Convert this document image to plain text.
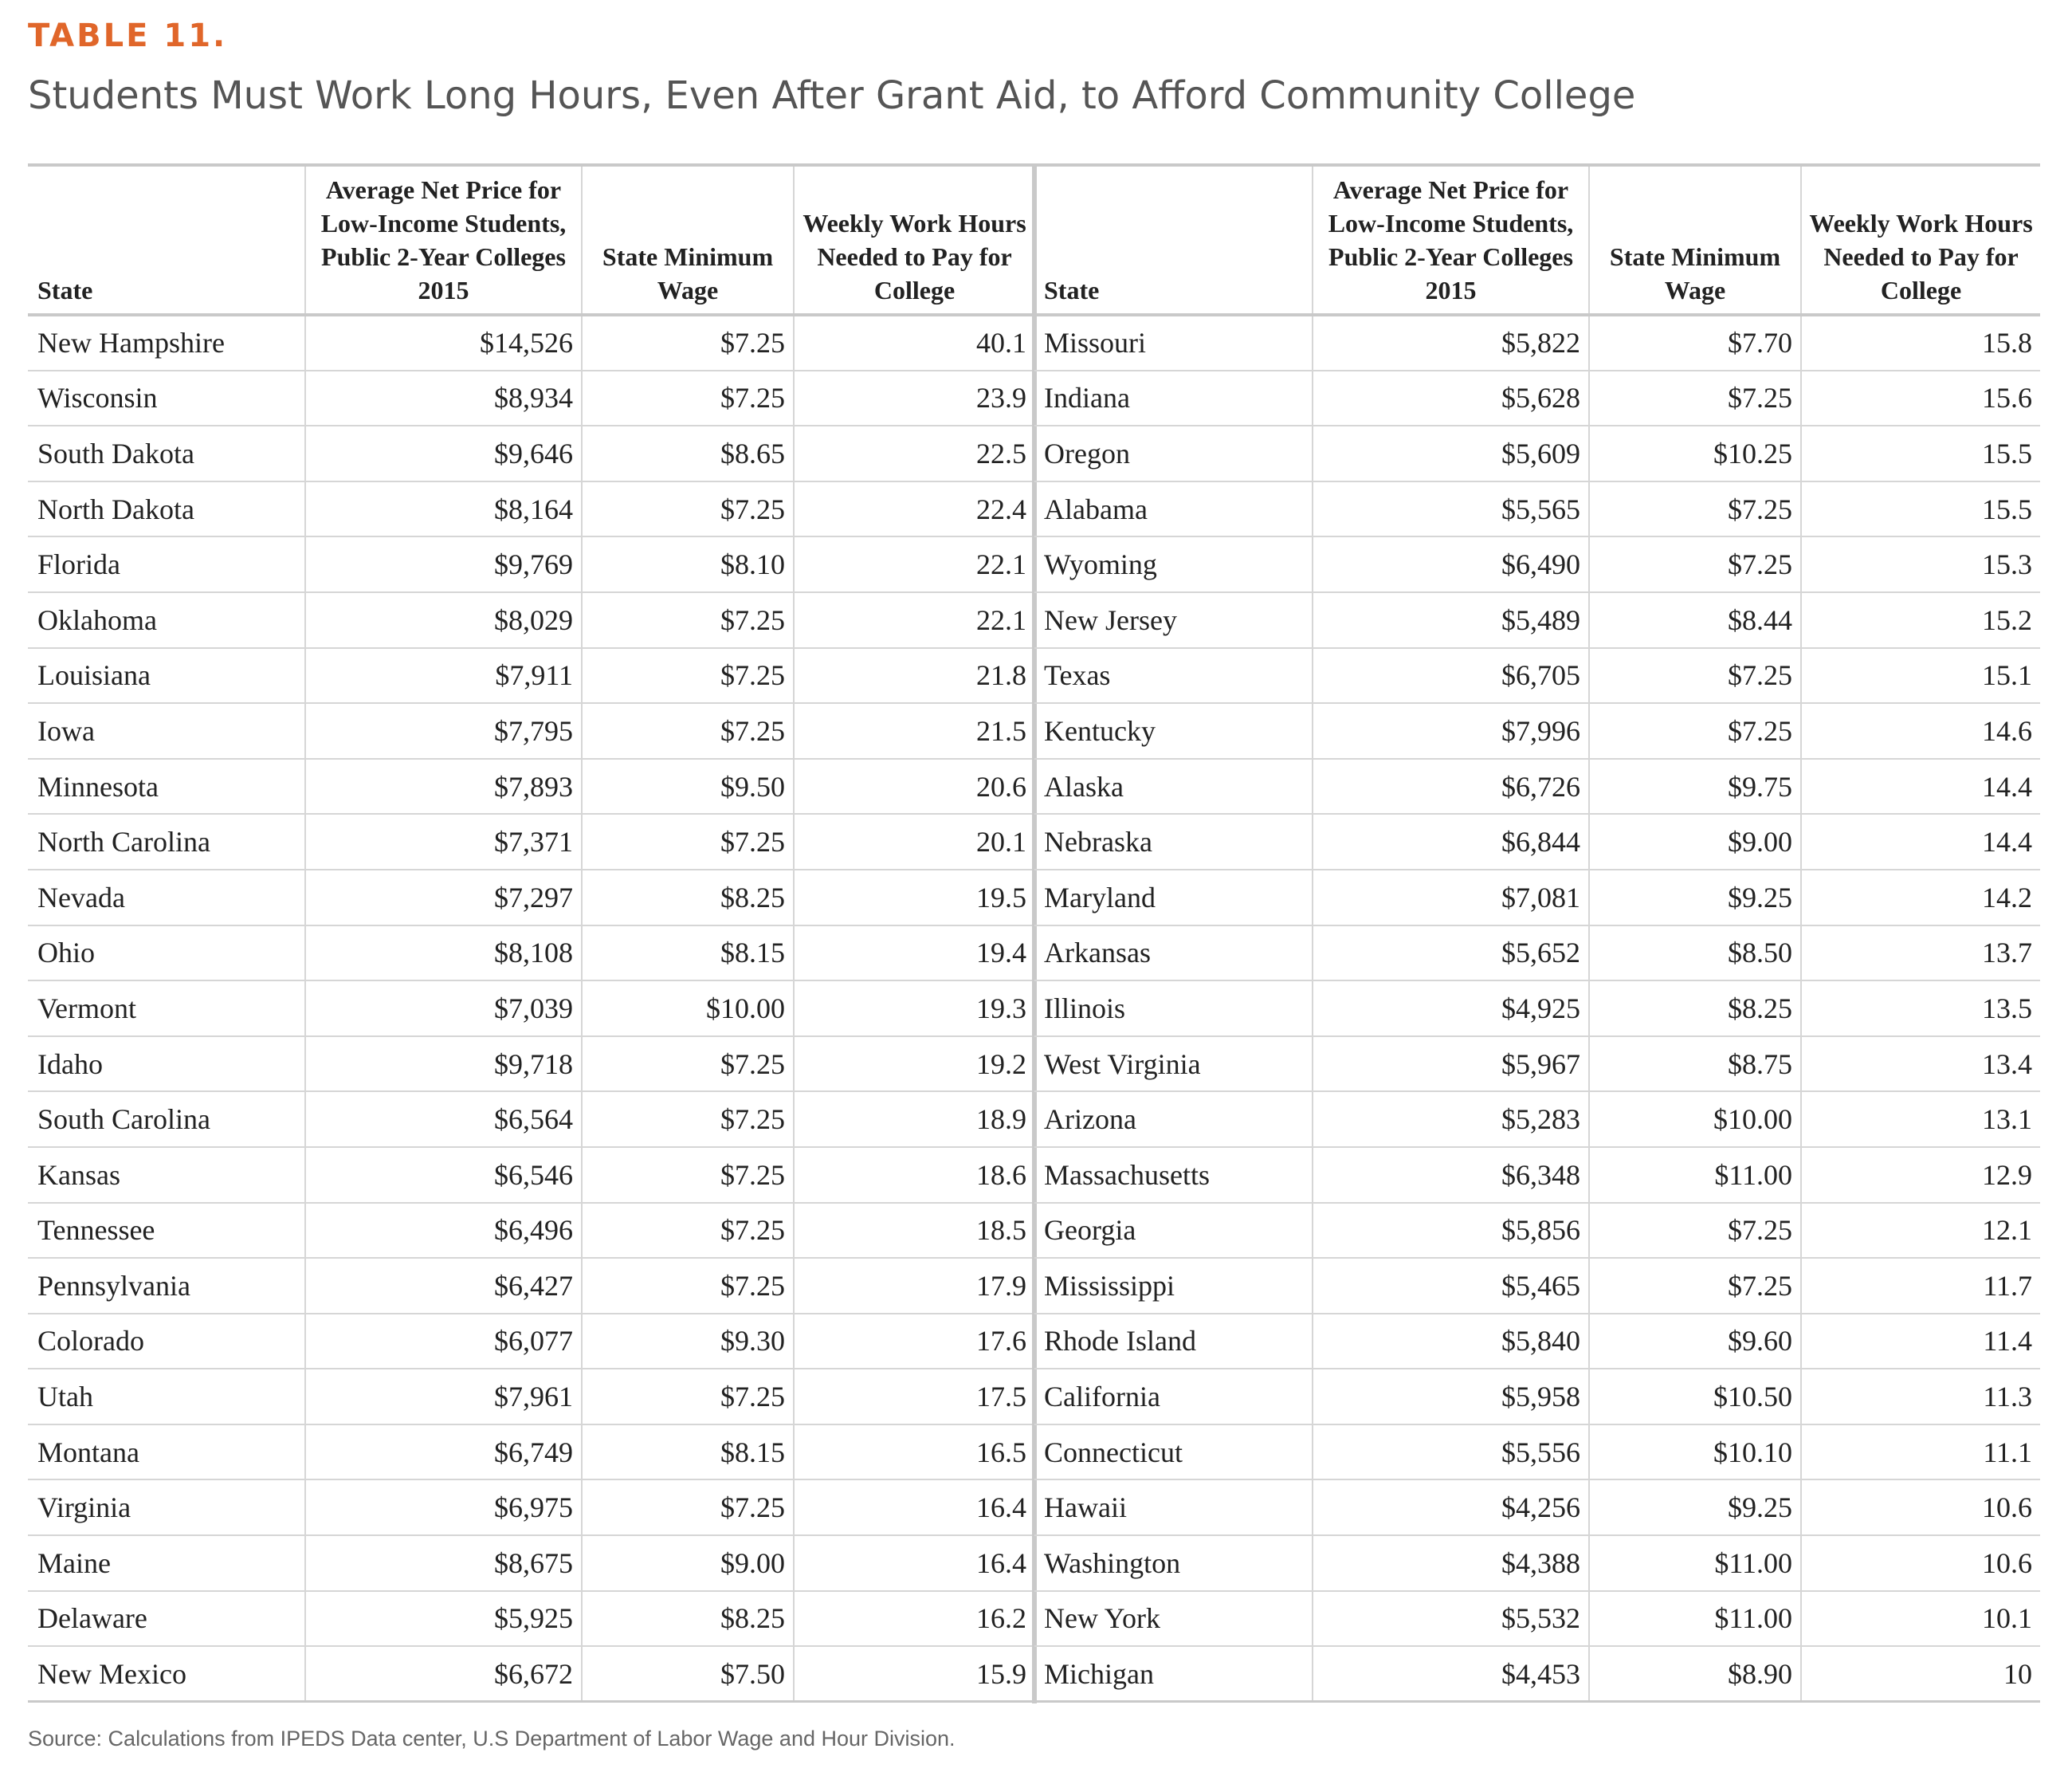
TABLE 11.
Students Must Work Long Hours, Even After Grant Aid, to Afford Community College
State	Average Net Price for Low-Income Students, Public 2-Year Colleges 2015	State Minimum Wage	Weekly Work Hours Needed to Pay for College
New Hampshire	$14,526	$7.25	40.1
Wisconsin	$8,934	$7.25	23.9
South Dakota	$9,646	$8.65	22.5
North Dakota	$8,164	$7.25	22.4
Florida	$9,769	$8.10	22.1
Oklahoma	$8,029	$7.25	22.1
Louisiana	$7,911	$7.25	21.8
Iowa	$7,795	$7.25	21.5
Minnesota	$7,893	$9.50	20.6
North Carolina	$7,371	$7.25	20.1
Nevada	$7,297	$8.25	19.5
Ohio	$8,108	$8.15	19.4
Vermont	$7,039	$10.00	19.3
Idaho	$9,718	$7.25	19.2
South Carolina	$6,564	$7.25	18.9
Kansas	$6,546	$7.25	18.6
Tennessee	$6,496	$7.25	18.5
Pennsylvania	$6,427	$7.25	17.9
Colorado	$6,077	$9.30	17.6
Utah	$7,961	$7.25	17.5
Montana	$6,749	$8.15	16.5
Virginia	$6,975	$7.25	16.4
Maine	$8,675	$9.00	16.4
Delaware	$5,925	$8.25	16.2
New Mexico	$6,672	$7.50	15.9
State	Average Net Price for Low-Income Students, Public 2-Year Colleges 2015	State Minimum Wage	Weekly Work Hours Needed to Pay for College
Missouri	$5,822	$7.70	15.8
Indiana	$5,628	$7.25	15.6
Oregon	$5,609	$10.25	15.5
Alabama	$5,565	$7.25	15.5
Wyoming	$6,490	$7.25	15.3
New Jersey	$5,489	$8.44	15.2
Texas	$6,705	$7.25	15.1
Kentucky	$7,996	$7.25	14.6
Alaska	$6,726	$9.75	14.4
Nebraska	$6,844	$9.00	14.4
Maryland	$7,081	$9.25	14.2
Arkansas	$5,652	$8.50	13.7
Illinois	$4,925	$8.25	13.5
West Virginia	$5,967	$8.75	13.4
Arizona	$5,283	$10.00	13.1
Massachusetts	$6,348	$11.00	12.9
Georgia	$5,856	$7.25	12.1
Mississippi	$5,465	$7.25	11.7
Rhode Island	$5,840	$9.60	11.4
California	$5,958	$10.50	11.3
Connecticut	$5,556	$10.10	11.1
Hawaii	$4,256	$9.25	10.6
Washington	$4,388	$11.00	10.6
New York	$5,532	$11.00	10.1
Michigan	$4,453	$8.90	10
Source: Calculations from IPEDS Data center, U.S Department of Labor Wage and Hour Division.
